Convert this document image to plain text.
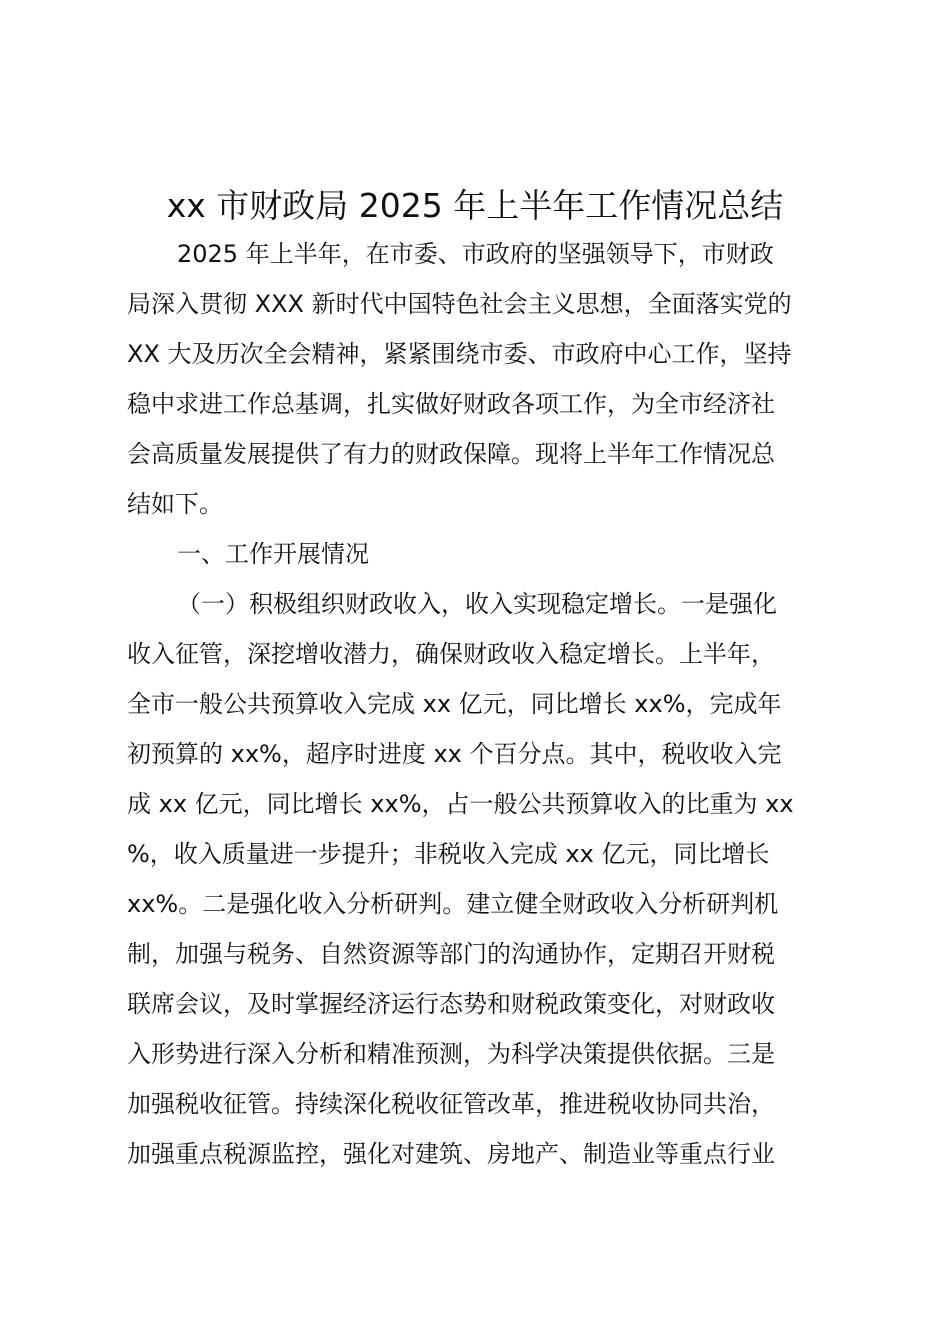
xx 市财政局 2025 年上半年工作情况总结
2025 年上半年，在市委、市政府的坚强领导下，市财政
局深入贯彻 XXX 新时代中国特色社会主义思想，全面落实党的
XX 大及历次全会精神，紧紧围绕市委、市政府中心工作，坚持
稳中求进工作总基调，扎实做好财政各项工作，为全市经济社
会高质量发展提供了有力的财政保障。现将上半年工作情况总
结如下。
一、工作开展情况
（一）积极组织财政收入，收入实现稳定增长。一是强化
收入征管，深挖增收潜力，确保财政收入稳定增长。上半年，
全市一般公共预算收入完成 xx 亿元，同比增长 xx%，完成年
初预算的 xx%，超序时进度 xx 个百分点。其中，税收收入完
成 xx 亿元，同比增长 xx%，占一般公共预算收入的比重为 xx
%，收入质量进一步提升；非税收入完成 xx 亿元，同比增长
xx%。二是强化收入分析研判。建立健全财政收入分析研判机
制，加强与税务、自然资源等部门的沟通协作，定期召开财税
联席会议，及时掌握经济运行态势和财税政策变化，对财政收
入形势进行深入分析和精准预测，为科学决策提供依据。三是
加强税收征管。持续深化税收征管改革，推进税收协同共治，
加强重点税源监控，强化对建筑、房地产、制造业等重点行业
